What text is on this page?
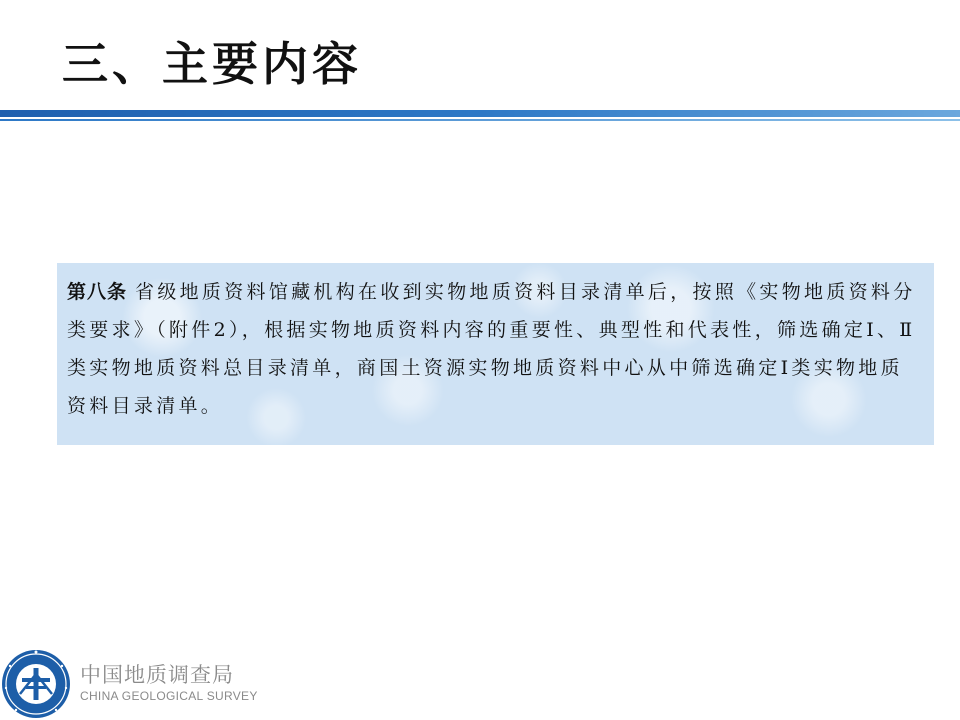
三、主要内容

第八条 省级地质资料馆藏机构在收到实物地质资料目录清单后，按照《实物地质资料分类要求》（附件2），根据实物地质资料内容的重要性、典型性和代表性，筛选确定Ⅰ、Ⅱ类实物地质资料总目录清单，商国土资源实物地质资料中心从中筛选确定Ⅰ类实物地质资料目录清单。

中国地质调查局
CHINA GEOLOGICAL SURVEY
